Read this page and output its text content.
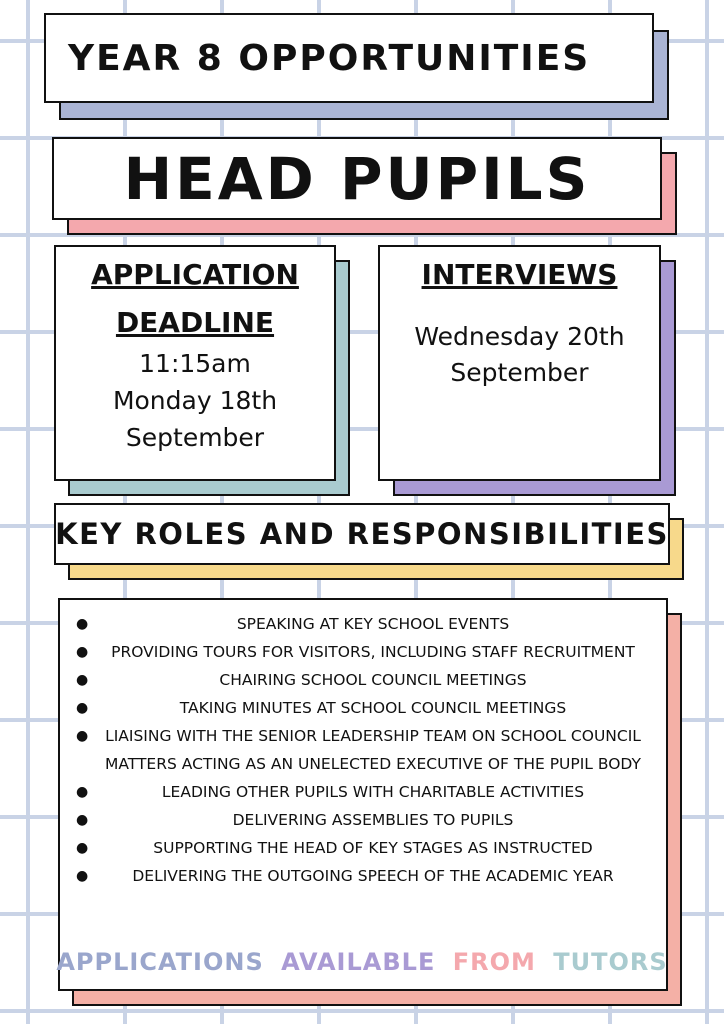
YEAR 8 OPPORTUNITIES
HEAD PUPILS
APPLICATION
DEADLINE
11:15am
Monday 18th
September
INTERVIEWS
Wednesday 20th
September
KEY ROLES AND RESPONSIBILITIES
●	SPEAKING AT KEY SCHOOL EVENTS
● PROVIDING TOURS FOR VISITORS, INCLUDING STAFF RECRUITMENT
●	CHAIRING SCHOOL COUNCIL MEETINGS
●	TAKING MINUTES AT SCHOOL COUNCIL MEETINGS
● LIAISING WITH THE SENIOR LEADERSHIP TEAM ON SCHOOL COUNCIL MATTERS ACTING AS AN UNELECTED EXECUTIVE OF THE PUPIL BODY
●	LEADING OTHER PUPILS WITH CHARITABLE ACTIVITIES
●	DELIVERING ASSEMBLIES TO PUPILS
●	SUPPORTING THE HEAD OF KEY STAGES AS INSTRUCTED
●	DELIVERING THE OUTGOING SPEECH OF THE ACADEMIC YEAR
APPLICATIONS AVAILABLE FROM TUTORS
